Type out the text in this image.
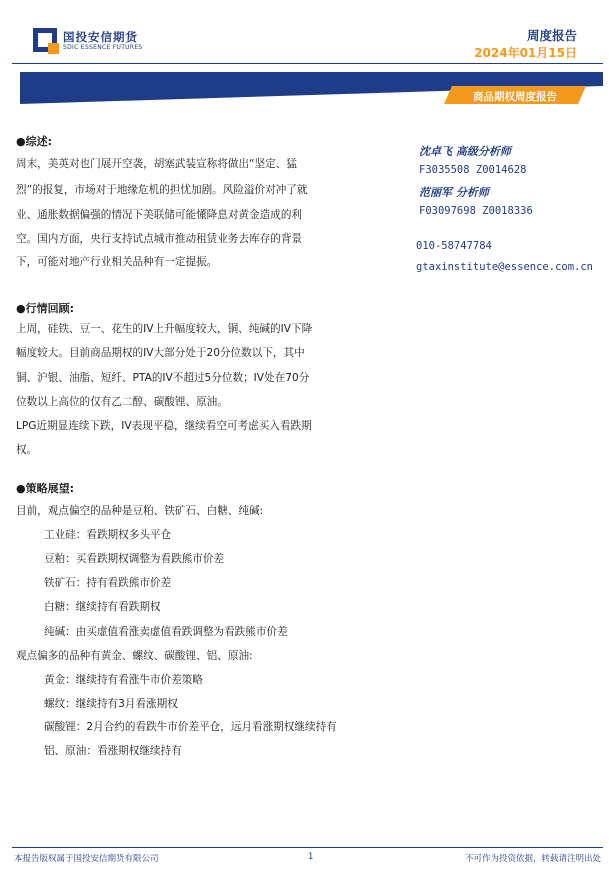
国投安信期货
SDIC ESSENCE FUTURES
周度报告
2024年01月15日
商品期权周度报告
●综述:
周末，美英对也门展开空袭，胡塞武装宣称将做出“坚定、猛
烈”的报复，市场对于地缘危机的担忧加剧。风险溢价对冲了就
业、通胀数据偏强的情况下美联储可能懂降息对黄金造成的利
空。国内方面，央行支持试点城市推动租赁业务去库存的背景
下，可能对地产行业相关品种有一定提振。
沈卓飞 高级分析师
F3035508 Z0014628
范丽军 分析师
F03097698 Z0018336
010-58747784
gtaxinstitute@essence.com.cn
●行情回顾:
上周，硅铁、豆一、花生的IV上升幅度较大，铜、纯碱的IV下降
幅度较大。目前商品期权的IV大部分处于20分位数以下，其中
铜、沪银、油脂、短纤、PTA的IV不超过5分位数；IV处在70分
位数以上高位的仅有乙二醇、碳酸锂、原油。
LPG近期显连续下跌，IV表现平稳，继续看空可考虑买入看跌期
权。
●策略展望:
目前，观点偏空的品种是豆粕、铁矿石、白糖、纯碱:
工业硅：看跌期权多头平仓
豆粕：买看跌期权调整为看跌熊市价差
铁矿石：持有看跌熊市价差
白糖：继续持有看跌期权
纯碱：由买虚值看涨卖虚值看跌调整为看跌熊市价差
观点偏多的品种有黄金、螺纹、碳酸锂、铝、原油:
黄金：继续持有看涨牛市价差策略
螺纹：继续持有3月看涨期权
碳酸锂：2月合约的看跌牛市价差平仓，远月看涨期权继续持有
铝、原油：看涨期权继续持有
本报告版权属于国投安信期货有限公司	1	不可作为投资依据，转载请注明出处
